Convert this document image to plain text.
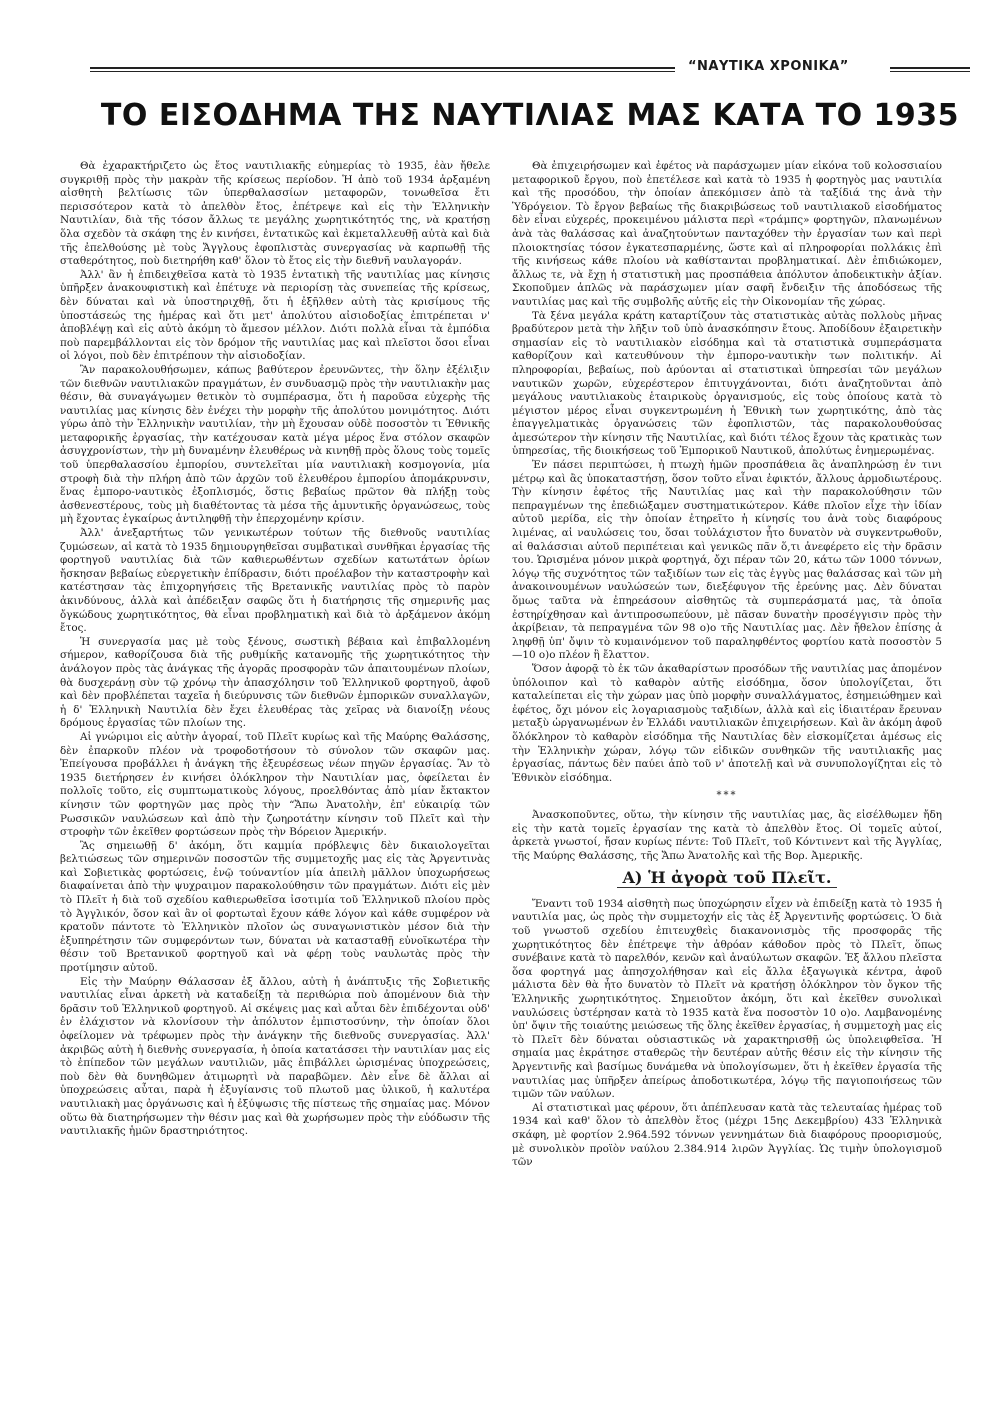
“ΝΑΥΤΙΚΑ ΧΡΟΝΙΚΑ”
ΤΟ ΕΙΣΟΔΗΜΑ ΤΗΣ ΝΑΥΤΙΛΙΑΣ ΜΑΣ ΚΑΤΑ ΤΟ 1935

Θὰ ἐχαρακτήριζετο ὡς ἔτος ναυτιλιακῆς εὐημερίας τὸ 1935, ἐὰν ἤθελε συγκριθῇ πρὸς τὴν μακρὰν τῆς κρίσεως περίοδον. Ἡ ἀπὸ τοῦ 1934 ἀρξαμένη αἰσθητὴ βελτίωσις τῶν ὑπερθαλασσίων μεταφορῶν, τονωθεῖσα ἔτι περισσότερον κατὰ τὸ ἀπελθὸν ἔτος, ἐπέτρεψε καὶ εἰς τὴν Ἑλληνικὴν Ναυτιλίαν, διὰ τῆς τόσον ἄλλως τε μεγάλης χωρητικότητός της, νὰ κρατήσῃ ὅλα σχεδὸν τὰ σκάφη της ἐν κινήσει, ἐντατικῶς καὶ ἐκμεταλλευθῇ αὐτὰ καὶ διὰ τῆς ἐπελθούσης μὲ τοὺς Ἄγγλους ἐφοπλιστὰς συνεργασίας νὰ καρπωθῇ τῆς σταθερότητος, ποὺ διετηρήθη καθ' ὅλον τὸ ἔτος εἰς τὴν διεθνῆ ναυλαγοράν.

Ἀλλ' ἂν ἡ ἐπιδειχθεῖσα κατὰ τὸ 1935 ἐντατικὴ τῆς ναυτιλίας μας κίνησις ὑπῆρξεν ἀνακουφιστικὴ καὶ ἐπέτυχε νὰ περιορίσῃ τὰς συνεπείας τῆς κρίσεως, δὲν δύναται καὶ νὰ ὑποστηριχθῇ, ὅτι ἡ ἐξῆλθεν αὐτὴ τὰς κρισίμους τῆς ὑποστάσεώς της ἡμέρας καὶ ὅτι μετ' ἀπολύτου αἰσιοδοξίας ἐπιτρέπεται ν' ἀποβλέψῃ καὶ εἰς αὐτὸ ἀκόμη τὸ ἄμεσον μέλλον. Διότι πολλὰ εἶναι τὰ ἐμπόδια ποὺ παρεμβάλλονται εἰς τὸν δρόμον τῆς ναυτιλίας μας καὶ πλεῖστοι ὅσοι εἶναι οἱ λόγοι, ποὺ δὲν ἐπιτρέπουν τὴν αἰσιοδοξίαν.

Ἂν παρακολουθήσωμεν, κάπως βαθύτερον ἐρευνῶντες, τὴν ὅλην ἐξέλιξιν τῶν διεθνῶν ναυτιλιακῶν πραγμάτων, ἐν συνδυασμῷ πρὸς τὴν ναυτιλιακὴν μας θέσιν, θὰ συναγάγωμεν θετικὸν τὸ συμπέρασμα, ὅτι ἡ παροῦσα εὐχερὴς τῆς ναυτιλίας μας κίνησις δὲν ἐνέχει τὴν μορφὴν τῆς ἀπολύτου μονιμότητος. Διότι γύρω ἀπὸ τὴν Ἑλληνικὴν ναυτιλίαν, τὴν μὴ ἔχουσαν οὐδὲ ποσοστὸν τι Ἐθνικῆς μεταφορικῆς ἐργασίας, τὴν κατέχουσαν κατὰ μέγα μέρος ἕνα στόλον σκαφῶν ἀσυγχρονίστων, τὴν μὴ δυναμένην ἐλευθέρως νὰ κινηθῇ πρὸς ὅλους τοὺς τομεῖς τοῦ ὑπερθαλασσίου ἐμπορίου, συντελεῖται μία ναυτιλιακὴ κοσμογονία, μία στροφὴ διὰ τὴν πλήρη ἀπὸ τῶν ἀρχῶν τοῦ ἐλευθέρου ἐμπορίου ἀπομάκρυνσιν, ἕνας ἐμπορο-ναυτικὸς ἐξοπλισμός, ὅστις βεβαίως πρῶτον θὰ πλήξῃ τοὺς ἀσθενεστέρους, τοὺς μὴ διαθέτοντας τὰ μέσα τῆς ἀμυντικῆς ὀργανώσεως, τοὺς μὴ ἔχοντας ἐγκαίρως ἀντιληφθῇ τὴν ἐπερχομένην κρίσιν.

Ἀλλ' ἀνεξαρτήτως τῶν γενικωτέρων τούτων τῆς διεθνοῦς ναυτιλίας ζυμώσεων, αἱ κατὰ τὸ 1935 δημιουργηθεῖσαι συμβατικαὶ συνθῆκαι ἐργασίας τῆς φορτηγοῦ ναυτιλίας διὰ τῶν καθιερωθέντων σχεδίων κατωτάτων ὁρίων ἤσκησαν βεβαίως εὐεργετικὴν ἐπίδρασιν, διότι προέλαβον τὴν καταστροφὴν καὶ κατέστησαν τὰς ἐπιχορηγήσεις τῆς Βρετανικῆς ναυτιλίας πρὸς τὸ παρὸν ἀκινδύνους, ἀλλὰ καὶ ἀπέδειξαν σαφῶς ὅτι ἡ διατήρησις τῆς σημερινῆς μας ὄγκώδους χωρητικότητος, θὰ εἶναι προβληματικὴ καὶ διὰ τὸ ἀρξάμενον ἀκόμη ἔτος.

Ἡ συνεργασία μας μὲ τοὺς ξένους, σωστικὴ βέβαια καὶ ἐπιβαλλομένη σήμερον, καθορίζουσα διὰ τῆς ρυθμίκῆς κατανομῆς τῆς χωρητικότητος τὴν ἀνάλογον πρὸς τὰς ἀνάγκας τῆς ἀγορᾶς προσφορὰν τῶν ἀπαιτουμένων πλοίων, θὰ δυσχεράνῃ σὺν τῷ χρόνῳ τὴν ἀπασχόλησιν τοῦ Ἑλληνικοῦ φορτηγοῦ, ἀφοῦ καὶ δὲν προβλέπεται ταχεῖα ἡ διεύρυνσις τῶν διεθνῶν ἐμπορικῶν συναλλαγῶν, ἡ δ' Ἑλληνικὴ Ναυτιλία δὲν ἔχει ἐλευθέρας τὰς χεῖρας νὰ διανοίξῃ νέους δρόμους ἐργασίας τῶν πλοίων της.

Αἱ γνώριμοι εἰς αὐτὴν ἀγοραί, τοῦ Πλεῖτ κυρίως καὶ τῆς Μαύρης Θαλάσσης, δὲν ἐπαρκοῦν πλέον νὰ τροφοδοτήσουν τὸ σύνολον τῶν σκαφῶν μας. Ἐπείγουσα προβάλλει ἡ ἀνάγκη τῆς ἐξευρέσεως νέων πηγῶν ἐργασίας. Ἂν τὸ 1935 διετήρησεν ἐν κινήσει ὁλόκληρον τὴν Ναυτιλίαν μας, ὀφείλεται ἐν πολλοῖς τοῦτο, εἰς συμπτωματικοὺς λόγους, προελθόντας ἀπὸ μίαν ἔκτακτον κίνησιν τῶν φορτηγῶν μας πρὸς τὴν “Ἄπω Ἀνατολὴν, ἐπ' εὐκαιρίᾳ τῶν Ρωσσικῶν ναυλώσεων καὶ ἀπὸ τὴν ζωηροτάτην κίνησιν τοῦ Πλεῖτ καὶ τὴν στροφὴν τῶν ἐκεῖθεν φορτώσεων πρὸς τὴν Βόρειον Ἀμερικήν.

Ἂς σημειωθῇ δ' ἀκόμη, ὅτι καμμία πρόβλεψις δὲν δικαιολογεῖται βελτιώσεως τῶν σημερινῶν ποσοστῶν τῆς συμμετοχῆς μας εἰς τὰς Ἀργεντινὰς καὶ Σοβιετικὰς φορτώσεις, ἐνῷ τούναντίον μία ἀπειλὴ μᾶλλον ὑποχωρήσεως διαφαίνεται ἀπὸ τὴν ψυχραιμον παρακολούθησιν τῶν πραγμάτων. Διότι εἰς μὲν τὸ Πλεῖτ ἡ διὰ τοῦ σχεδίου καθιερωθεῖσα ἰσοτιμία τοῦ Ἑλληνικοῦ πλοίου πρὸς τὸ Ἀγγλικόν, ὅσον καὶ ἂν οἱ φορτωταὶ ἔχουν κάθε λόγον καὶ κάθε συμφέρον νὰ κρατοῦν πάντοτε τὸ Ἑλληνικὸν πλοῖον ὡς συναγωνιστικὸν μέσον διὰ τὴν ἐξυπηρέτησιν τῶν συμφερόντων των, δύναται νὰ κατασταθῇ εὐνοϊκωτέρα τὴν θέσιν τοῦ Βρετανικοῦ φορτηγοῦ καὶ νὰ φέρῃ τοὺς ναυλωτὰς πρὸς τὴν προτίμησιν αὐτοῦ.

Εἰς τὴν Μαύρην Θάλασσαν ἐξ ἄλλου, αὐτὴ ἡ ἀνάπτυξις τῆς Σοβιετικῆς ναυτιλίας εἶναι ἀρκετὴ νὰ καταδείξῃ τὰ περιθώρια ποὺ ἀπομένουν διὰ τὴν δρᾶσιν τοῦ Ἑλληνικοῦ φορτηγοῦ. Αἱ σκέψεις μας καὶ αὗται δὲν ἐπιδέχονται οὐδ' ἐν ἐλάχιστον νὰ κλονίσουν τὴν ἀπόλυτον ἐμπιστοσύνην, τὴν ὁποίαν ὅλοι ὀφείλομεν νὰ τρέφωμεν πρὸς τὴν ἀνάγκην τῆς διεθνοῦς συνεργασίας. Ἀλλ' ἀκριβῶς αὐτὴ ἡ διεθνὴς συνεργασία, ἡ ὁποία κατατάσσει τὴν ναυτιλίαν μας εἰς τὸ ἐπίπεδον τῶν μεγάλων ναυτιλιῶν, μᾶς ἐπιβάλλει ὡρισμένας ὑποχρεώσεις, ποὺ δὲν θὰ δυνηθῶμεν ἀτιμωρητὶ νὰ παραβῶμεν. Δὲν εἶνε δὲ ἄλλαι αἱ ὑποχρεώσεις αὗται, παρὰ ἡ ἐξυγίανσις τοῦ πλωτοῦ μας ὑλικοῦ, ἡ καλυτέρα ναυτιλιακὴ μας ὀργάνωσις καὶ ἡ ἐξύψωσις τῆς πίστεως τῆς σημαίας μας. Μόνον οὕτω θὰ διατηρήσωμεν τὴν θέσιν μας καὶ θὰ χωρήσωμεν πρὸς τὴν εὐόδωσιν τῆς ναυτιλιακῆς ἡμῶν δραστηριότητος.

Θὰ ἐπιχειρήσωμεν καὶ ἐφέτος νὰ παράσχωμεν μίαν εἰκόνα τοῦ κολοσσιαίου μεταφορικοῦ ἔργου, ποὺ ἐπετέλεσε καὶ κατὰ τὸ 1935 ἡ φορτηγὸς μας ναυτιλία καὶ τῆς προσόδου, τὴν ὁποίαν ἀπεκόμισεν ἀπὸ τὰ ταξίδιά της ἀνὰ τὴν Ὑδρόγειον. Τὸ ἔργον βεβαίως τῆς διακριβώσεως τοῦ ναυτιλιακοῦ εἰσοδήματος δὲν εἶναι εὐχερές, προκειμένου μάλιστα περὶ «τράμπς» φορτηγῶν, πλανωμένων ἀνὰ τὰς θαλάσσας καὶ ἀναζητούντων πανταχόθεν τὴν ἐργασίαν των καὶ περὶ πλοιοκτησίας τόσον ἐγκατεσπαρμένης, ὥστε καὶ αἱ πληροφορίαι πολλάκις ἐπὶ τῆς κινήσεως κάθε πλοίου νὰ καθίστανται προβληματικαί. Δὲν ἐπιδιώκομεν, ἄλλως τε, νὰ ἔχῃ ἡ στατιστικὴ μας προσπάθεια ἀπόλυτον ἀποδεικτικὴν ἀξίαν. Σκοποῦμεν ἁπλῶς νὰ παράσχωμεν μίαν σαφῆ ἔνδειξιν τῆς ἀποδόσεως τῆς ναυτιλίας μας καὶ τῆς συμβολῆς αὐτῆς εἰς τὴν Οἰκονομίαν τῆς χώρας.

Τὰ ξένα μεγάλα κράτη καταρτίζουν τὰς στατιστικὰς αὐτὰς πολλοὺς μῆνας βραδύτερον μετὰ τὴν λῆξιν τοῦ ὑπὸ ἀνασκόπησιν ἔτους. Ἀποδίδουν ἐξαιρετικὴν σημασίαν εἰς τὸ ναυτιλιακὸν εἰσόδημα καὶ τὰ στατιστικὰ συμπεράσματα καθορίζουν καὶ κατευθύνουν τὴν ἐμπορο-ναυτικὴν των πολιτικήν. Αἱ πληροφορίαι, βεβαίως, ποὺ ἀρύονται αἱ στατιστικαὶ ὑπηρεσίαι τῶν μεγάλων ναυτικῶν χωρῶν, εὐχερέστερον ἐπιτυγχάνονται, διότι ἀναζητοῦνται ἀπὸ μεγάλους ναυτιλιακοὺς ἑταιρικοὺς ὀργανισμούς, εἰς τοὺς ὁποίους κατὰ τὸ μέγιστον μέρος εἶναι συγκεντρωμένη ἡ Ἐθνικὴ των χωρητικότης, ἀπὸ τὰς ἐπαγγελματικὰς ὀργανώσεις τῶν ἐφοπλιστῶν, τὰς παρακολουθούσας ἀμεσώτερον τὴν κίνησιν τῆς Ναυτιλίας, καὶ διότι τέλος ἔχουν τὰς κρατικὰς των ὑπηρεσίας, τῆς διοικήσεως τοῦ Ἐμπορικοῦ Ναυτικοῦ, ἀπολύτως ἐνημερωμένας.

Ἐν πάσει περιπτώσει, ἡ πτωχὴ ἡμῶν προσπάθεια ἂς ἀναπληρώσῃ ἐν τινι μέτρῳ καὶ ἂς ὑποκαταστήσῃ, ὅσον τοῦτο εἶναι ἐφικτόν, ἄλλους ἁρμοδιωτέρους. Τὴν κίνησιν ἐφέτος τῆς Ναυτιλίας μας καὶ τὴν παρακολούθησιν τῶν πεπραγμένων της ἐπεδιώξαμεν συστηματικώτερον. Κάθε πλοῖον εἶχε τὴν ἰδίαν αὐτοῦ μερίδα, εἰς τὴν ὁποίαν ἐτηρεῖτο ἡ κίνησίς του ἀνὰ τοὺς διαφόρους λιμένας, αἱ ναυλώσεις του, ὅσαι τοὐλάχιστον ἦτο δυνατὸν νὰ συγκεντρωθοῦν, αἱ θαλάσσιαι αὐτοῦ περιπέτειαι καὶ γενικῶς πᾶν ὅ,τι ἀνεφέρετο εἰς τὴν δρᾶσιν του. Ὡρισμένα μόνον μικρὰ φορτηγά, ὄχι πέραν τῶν 20, κάτω τῶν 1000 τόννων, λόγῳ τῆς συχνότητος τῶν ταξιδίων των εἰς τὰς ἐγγὺς μας θαλάσσας καὶ τῶν μὴ ἀνακοινουμένων ναυλώσεών των, διεξέφυγον τῆς ἐρεύνης μας. Δὲν δύναται ὅμως ταῦτα νὰ ἐπηρεάσουν αἰσθητῶς τὰ συμπεράσματά μας, τὰ ὁποῖα ἐστηρίχθησαν καὶ ἀντιπροσωπεύουν, μὲ πᾶσαν δυνατὴν προσέγγισιν πρὸς τὴν ἀκρίβειαν, τὰ πεπραγμένα τῶν 98 ο)ο τῆς Ναυτιλίας μας. Δὲν ἤθελον ἐπίσης ἀ ληφθῇ ὑπ' ὄψιν τὸ κυμαινόμενον τοῦ παραληφθέντος φορτίου κατὰ ποσοστὸν 5—10 ο)ο πλέον ἢ ἔλαττον.

Ὅσον ἀφορᾷ τὸ ἐκ τῶν ἀκαθαρίστων προσόδων τῆς ναυτιλίας μας ἀπομένον ὑπόλοιπον καὶ τὸ καθαρὸν αὐτῆς εἰσόδημα, ὅσον ὑπολογίζεται, ὅτι καταλείπεται εἰς τὴν χώραν μας ὑπὸ μορφὴν συναλλάγματος, ἐσημειώθημεν καὶ ἐφέτος, ὄχι μόνον εἰς λογαριασμοὺς ταξιδίων, ἀλλὰ καὶ εἰς ἰδιαιτέραν ἔρευναν μεταξὺ ὡργανωμένων ἐν Ἑλλάδι ναυτιλιακῶν ἐπιχειρήσεων. Καὶ ἂν ἀκόμη ἀφοῦ ὅλόκληρον τὸ καθαρὸν εἰσόδημα τῆς Ναυτιλίας δὲν εἰσκομίζεται ἀμέσως εἰς τὴν Ἑλληνικὴν χώραν, λόγῳ τῶν εἰδικῶν συνθηκῶν τῆς ναυτιλιακῆς μας ἐργασίας, πάντως δὲν παύει ἀπὸ τοῦ ν' ἀποτελῇ καὶ νὰ συνυπολογίζηται εἰς τὸ Ἐθνικὸν εἰσόδημα.

***

Ἀνασκοποῦντες, οὕτω, τὴν κίνησιν τῆς ναυτιλίας μας, ἂς εἰσέλθωμεν ἤδη εἰς τὴν κατὰ τομεῖς ἐργασίαν της κατὰ τὸ ἀπελθὸν ἔτος. Οἱ τομεῖς αὐτοί, ἀρκετὰ γνωστοί, ἤσαν κυρίως πέντε: Τοῦ Πλεῖτ, τοῦ Κόντινεντ καὶ τῆς Ἀγγλίας, τῆς Μαύρης Θαλάσσης, τῆς Ἄπω Ἀνατολῆς καὶ τῆς Βορ. Ἀμερικῆς.

Α) Ἡ ἀγορὰ τοῦ Πλεῖτ.

Ἔναντι τοῦ 1934 αἰσθητὴ πως ὑποχώρησιν εἶχεν νὰ ἐπιδείξῃ κατὰ τὸ 1935 ἡ ναυτιλία μας, ὡς πρὸς τὴν συμμετοχήν εἰς τὰς ἐξ Ἀργεντινῆς φορτώσεις. Ὁ διὰ τοῦ γνωστοῦ σχεδίου ἐπιτευχθεὶς διακανονισμὸς τῆς προσφορᾶς τῆς χωρητικότητος δὲν ἐπέτρεψε τὴν ἀθρόαν κάθοδον πρὸς τὸ Πλεῖτ, ὅπως συνέβαινε κατὰ τὸ παρελθόν, κενῶν καὶ ἀναύλωτων σκαφῶν. Ἐξ ἄλλου πλεῖστα ὅσα φορτηγά μας ἀπησχολήθησαν καὶ εἰς ἄλλα ἐξαγωγικὰ κέντρα, ἀφοῦ μάλιστα δὲν θὰ ἦτο δυνατὸν τὸ Πλεῖτ νὰ κρατήσῃ ὁλόκληρον τὸν ὄγκον τῆς Ἑλληνικῆς χωρητικότητος. Σημειοῦτον ἀκόμη, ὅτι καὶ ἐκεῖθεν συνολικαὶ ναυλώσεις ὑστέρησαν κατὰ τὸ 1935 κατὰ ἕνα ποσοστὸν 10 ο)ο. Λαμβανομένης ὑπ' ὄψιν τῆς τοιαύτης μειώσεως τῆς ὅλης ἐκεῖθεν ἐργασίας, ἡ συμμετοχὴ μας εἰς τὸ Πλεῖτ δὲν δύναται οὐσιαστικῶς νὰ χαρακτηρισθῇ ὡς ὑπολειφθεῖσα. Ἡ σημαία μας ἐκράτησε σταθερῶς τὴν δευτέραν αὐτῆς θέσιν εἰς τὴν κίνησιν τῆς Ἀργεντινῆς καὶ βασίμως δυνάμεθα νὰ ὑπολογίσωμεν, ὅτι ἡ ἐκεῖθεν ἐργασία τῆς ναυτιλίας μας ὑπῆρξεν ἀπείρως ἀποδοτικωτέρα, λόγῳ τῆς παγιοποιήσεως τῶν τιμῶν τῶν ναύλων.

Αἱ στατιστικαὶ μας φέρουν, ὅτι ἀπέπλευσαν κατὰ τὰς τελευταίας ἡμέρας τοῦ 1934 καὶ καθ' ὅλον τὸ ἀπελθὸν ἔτος (μέχρι 15ης Δεκεμβρίου) 433 Ἑλληνικὰ σκάφη, μὲ φορτίον 2.964.592 τόννων γεννημάτων διὰ διαφόρους προορισμούς, μὲ συνολικὸν προϊὸν ναύλου 2.384.914 λιρῶν Ἀγγλίας. Ὡς τιμὴν ὑπολογισμοῦ τῶν
